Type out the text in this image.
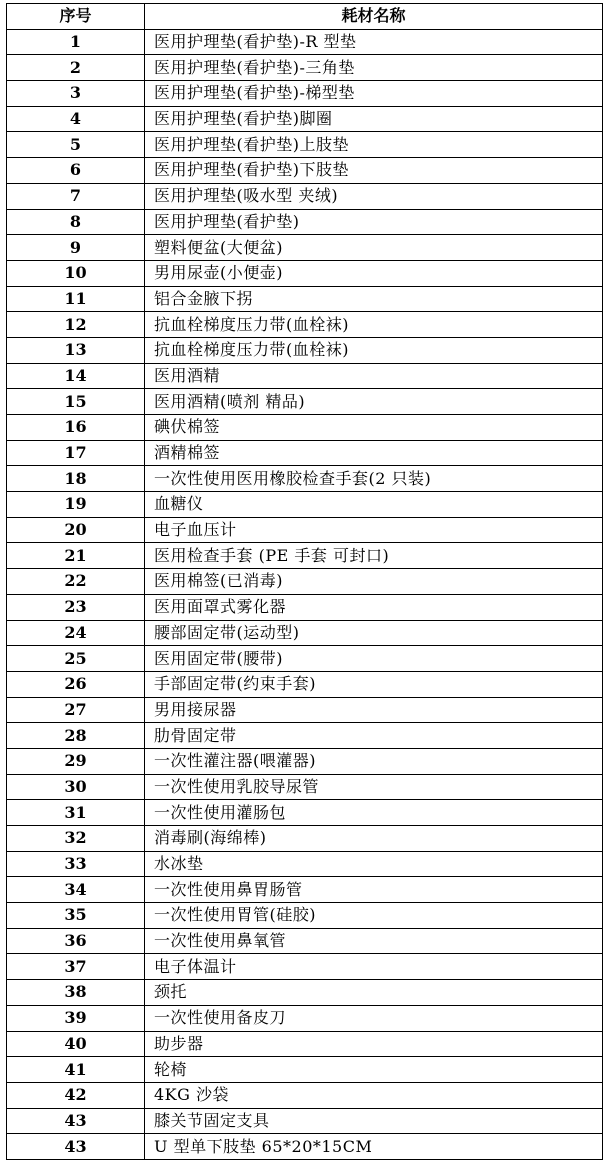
序号	耗材名称
1	医用护理垫(看护垫)-R 型垫
2	医用护理垫(看护垫)-三角垫
3	医用护理垫(看护垫)-梯型垫
4	医用护理垫(看护垫)脚圈
5	医用护理垫(看护垫)上肢垫
6	医用护理垫(看护垫)下肢垫
7	医用护理垫(吸水型 夹绒)
8	医用护理垫(看护垫)
9	塑料便盆(大便盆)
10	男用尿壶(小便壶)
11	铝合金腋下拐
12	抗血栓梯度压力带(血栓袜)
13	抗血栓梯度压力带(血栓袜)
14	医用酒精
15	医用酒精(喷剂 精品)
16	碘伏棉签
17	酒精棉签
18	一次性使用医用橡胶检查手套(2 只装)
19	血糖仪
20	电子血压计
21	医用检查手套 (PE 手套 可封口)
22	医用棉签(已消毒)
23	医用面罩式雾化器
24	腰部固定带(运动型)
25	医用固定带(腰带)
26	手部固定带(约束手套)
27	男用接尿器
28	肋骨固定带
29	一次性灌注器(喂灌器)
30	一次性使用乳胶导尿管
31	一次性使用灌肠包
32	消毒刷(海绵棒)
33	水冰垫
34	一次性使用鼻胃肠管
35	一次性使用胃管(硅胶)
36	一次性使用鼻氧管
37	电子体温计
38	颈托
39	一次性使用备皮刀
40	助步器
41	轮椅
42	4KG 沙袋
43	膝关节固定支具
43	U 型单下肢垫 65*20*15CM
